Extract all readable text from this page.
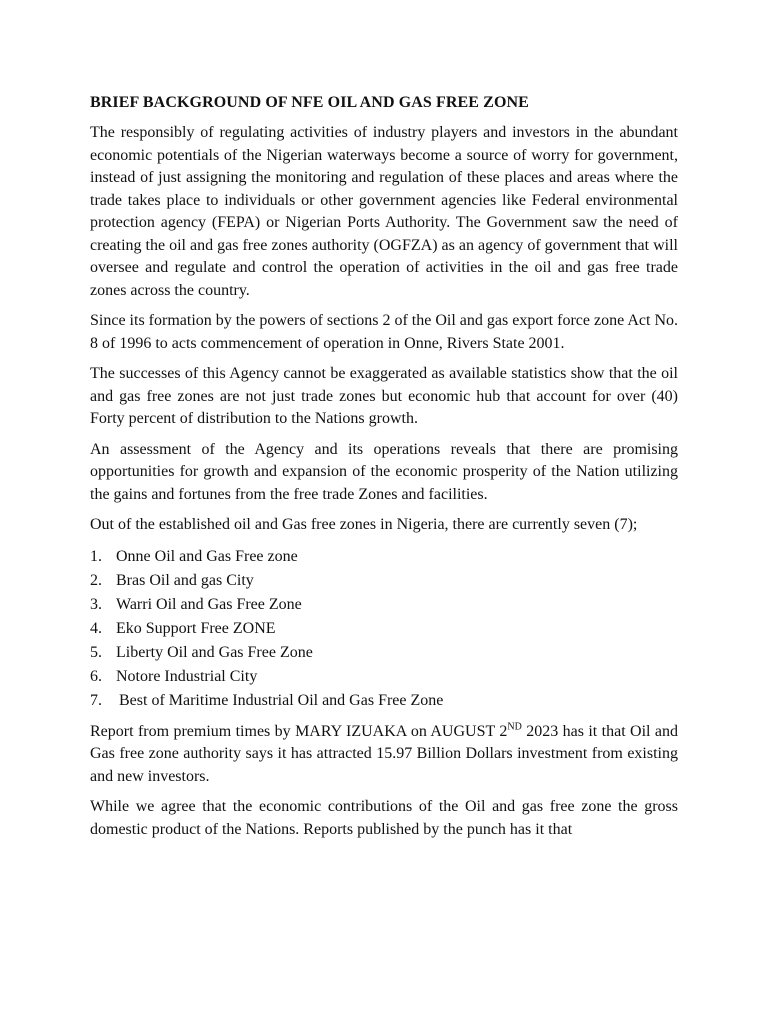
BRIEF BACKGROUND OF NFE OIL AND GAS FREE ZONE

The responsibly of regulating activities of industry players and investors in the abundant economic potentials of the Nigerian waterways become a source of worry for government, instead of just assigning the monitoring and regulation of these places and areas where the trade takes place to individuals or other government agencies like Federal environmental protection agency (FEPA) or Nigerian Ports Authority. The Government saw the need of creating the oil and gas free zones authority (OGFZA) as an agency of government that will oversee and regulate and control the operation of activities in the oil and gas free trade zones across the country.

Since its formation by the powers of sections 2 of the Oil and gas export force zone Act No. 8 of 1996 to acts commencement of operation in Onne, Rivers State 2001.

The successes of this Agency cannot be exaggerated as available statistics show that the oil and gas free zones are not just trade zones but economic hub that account for over (40) Forty percent of distribution to the Nations growth.

An assessment of the Agency and its operations reveals that there are promising opportunities for growth and expansion of the economic prosperity of the Nation utilizing the gains and fortunes from the free trade Zones and facilities.

Out of the established oil and Gas free zones in Nigeria, there are currently seven (7);

1. Onne Oil and Gas Free zone
2. Bras Oil and gas City
3. Warri Oil and Gas Free Zone
4. Eko Support Free ZONE
5. Liberty Oil and Gas Free Zone
6. Notore Industrial City
7.	Best of Maritime Industrial Oil and Gas Free Zone

Report from premium times by MARY IZUAKA on AUGUST 2ND 2023 has it that Oil and Gas free zone authority says it has attracted 15.97 Billion Dollars investment from existing and new investors.

While we agree that the economic contributions of the Oil and gas free zone the gross domestic product of the Nations. Reports published by the punch has it that
